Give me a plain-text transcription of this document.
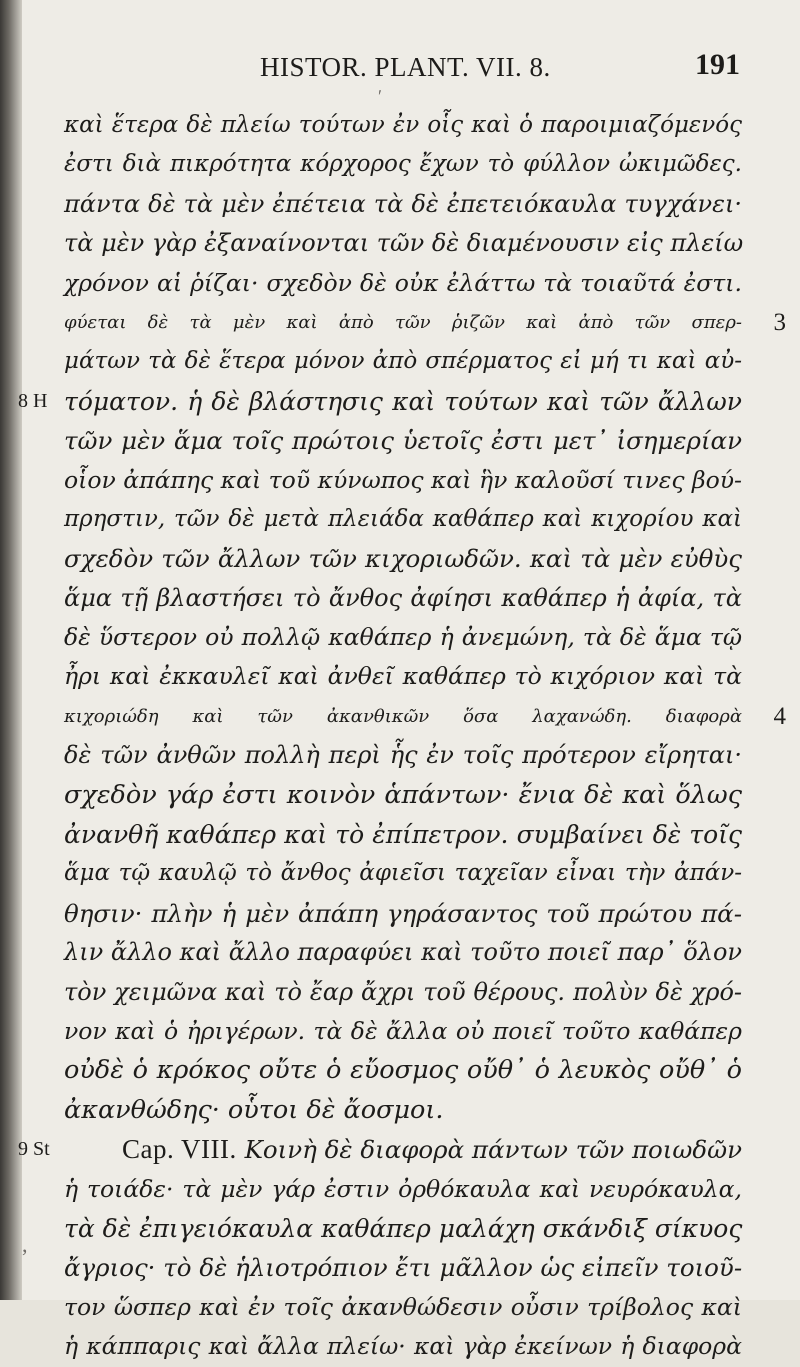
HISTOR. PLANT. VII. 8.	191
καὶ ἕτερα δὲ πλείω τούτων ἐν οἷς καὶ ὁ παροιμιαζόμενός
ἐστι διὰ πικρότητα κόρχορος ἔχων τὸ φύλλον ὠκιμῶδες.
πάντα δὲ τὰ μὲν ἐπέτεια τὰ δὲ ἐπετειόκαυλα τυγχάνει·
τὰ μὲν γὰρ ἐξαναίνονται τῶν δὲ διαμένουσιν εἰς πλείω
χρόνον αἱ ῥίζαι· σχεδὸν δὲ οὐκ ἐλάττω τὰ τοιαῦτά ἐστι.
φύεται δὲ τὰ μὲν καὶ ἀπὸ τῶν ῥιζῶν καὶ ἀπὸ τῶν σπερ- 3
μάτων τὰ δὲ ἕτερα μόνον ἀπὸ σπέρματος εἰ μή τι καὶ αὐ-
8 H τόματον. ἡ δὲ βλάστησις καὶ τούτων καὶ τῶν ἄλλων
τῶν μὲν ἅμα τοῖς πρώτοις ὑετοῖς ἐστι μετ᾽ ἰσημερίαν
οἷον ἀπάπης καὶ τοῦ κύνωπος καὶ ἣν καλοῦσί τινες βού-
πρηστιν, τῶν δὲ μετὰ πλειάδα καθάπερ καὶ κιχορίου καὶ
σχεδὸν τῶν ἄλλων τῶν κιχοριωδῶν. καὶ τὰ μὲν εὐθὺς
ἅμα τῇ βλαστήσει τὸ ἄνθος ἀφίησι καθάπερ ἡ ἀφία, τὰ
δὲ ὕστερον οὐ πολλῷ καθάπερ ἡ ἀνεμώνη, τὰ δὲ ἅμα τῷ
ἦρι καὶ ἐκκαυλεῖ καὶ ἀνθεῖ καθάπερ τὸ κιχόριον καὶ τὰ
κιχοριώδη καὶ τῶν ἀκανθικῶν ὅσα λαχανώδη. διαφορὰ 4
δὲ τῶν ἀνθῶν πολλὴ περὶ ἧς ἐν τοῖς πρότερον εἴρηται·
σχεδὸν γάρ ἐστι κοινὸν ἁπάντων· ἔνια δὲ καὶ ὅλως
ἀνανθῆ καθάπερ καὶ τὸ ἐπίπετρον. συμβαίνει δὲ τοῖς
ἅμα τῷ καυλῷ τὸ ἄνθος ἀφιεῖσι ταχεῖαν εἶναι τὴν ἀπάν-
θησιν· πλὴν ἡ μὲν ἀπάπη γηράσαντος τοῦ πρώτου πά-
λιν ἄλλο καὶ ἄλλο παραφύει καὶ τοῦτο ποιεῖ παρ᾽ ὅλον
τὸν χειμῶνα καὶ τὸ ἔαρ ἄχρι τοῦ θέρους. πολὺν δὲ χρό-
νον καὶ ὁ ἠριγέρων. τὰ δὲ ἄλλα οὐ ποιεῖ τοῦτο καθάπερ
οὐδὲ ὁ κρόκος οὔτε ὁ εὔοσμος οὔθ᾽ ὁ λευκὸς οὔθ᾽ ὁ
ἀκανθώδης· οὗτοι δὲ ἄοσμοι.
9 St	Cap. VIII. Κοινὴ δὲ διαφορὰ πάντων τῶν ποιωδῶν
ἡ τοιάδε· τὰ μὲν γάρ ἐστιν ὀρθόκαυλα καὶ νευρόκαυλα,
τὰ δὲ ἐπιγειόκαυλα καθάπερ μαλάχη σκάνδιξ σίκυος
ἄγριος· τὸ δὲ ἡλιοτρόπιον ἔτι μᾶλλον ὡς εἰπεῖν τοιοῦ-
τον ὥσπερ καὶ ἐν τοῖς ἀκανθώδεσιν οὖσιν τρίβολος καὶ
ἡ κάππαρις καὶ ἄλλα πλείω· καὶ γὰρ ἐκείνων ἡ διαφορὰ
ʹ
,
